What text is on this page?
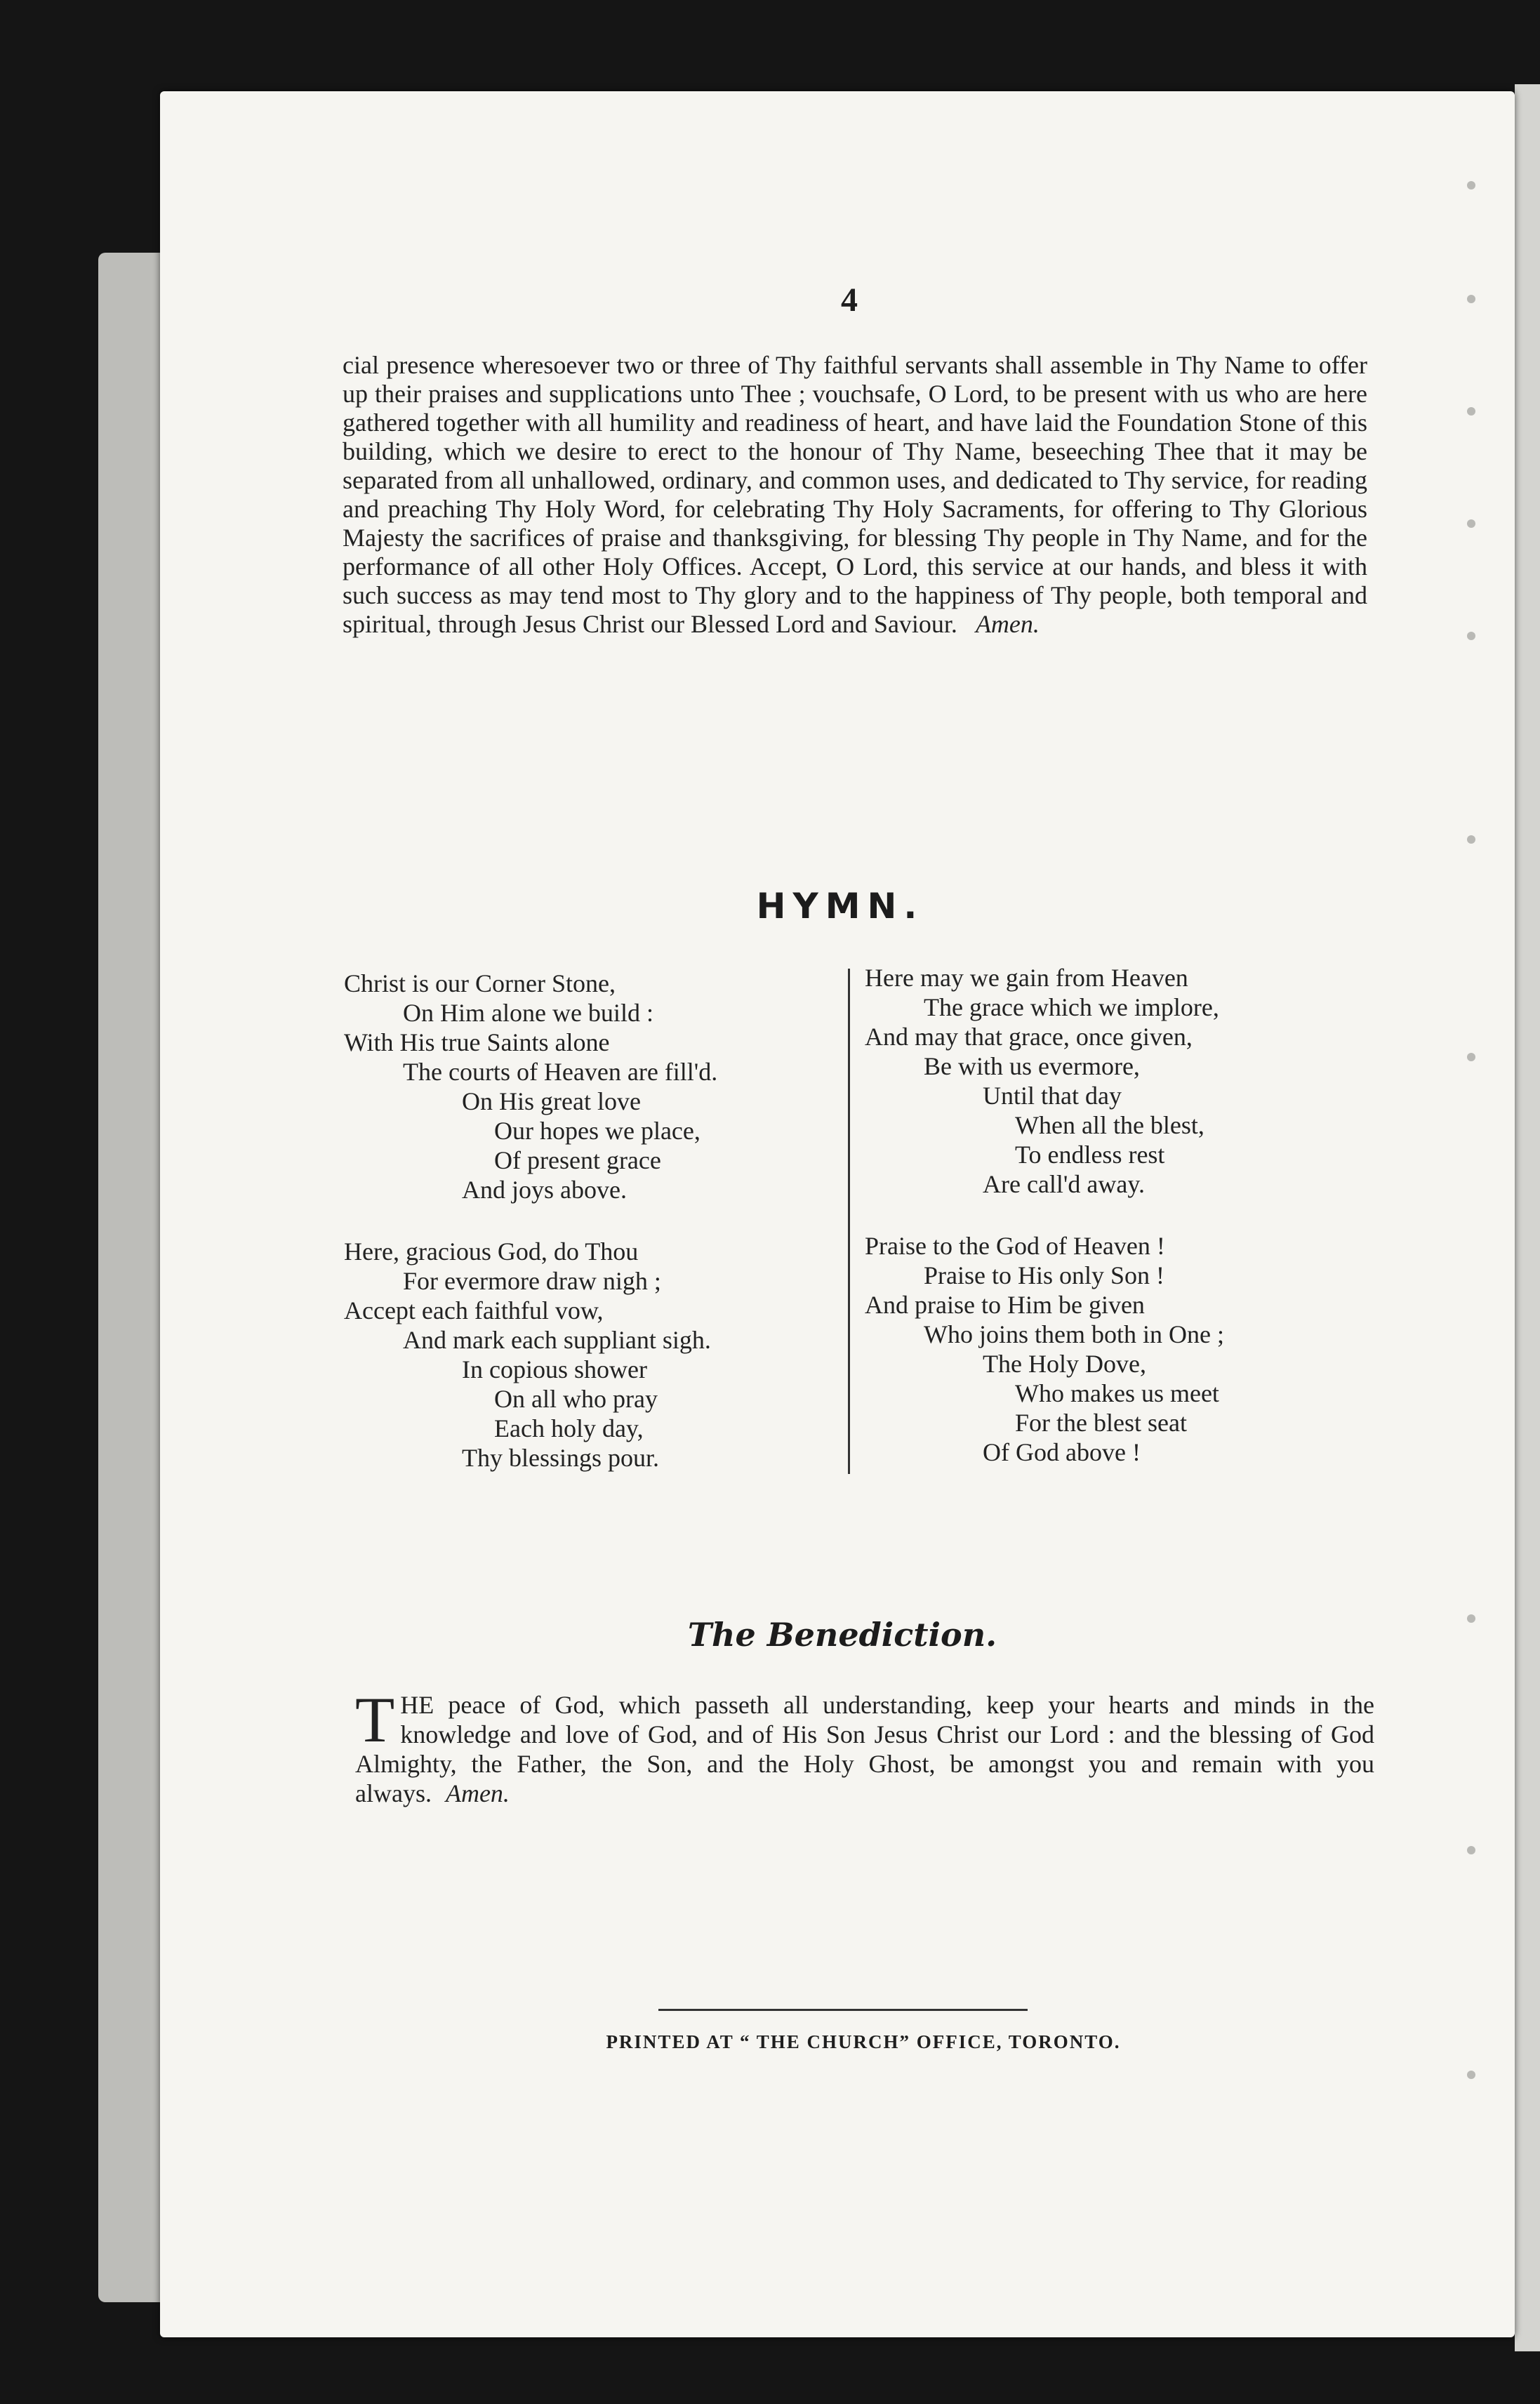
4
cial presence wheresoever two or three of Thy faithful servants shall assemble in Thy Name to offer up their praises and supplications unto Thee ; vouchsafe, O Lord, to be present with us who are here gathered together with all humility and readiness of heart, and have laid the Foundation Stone of this building, which we desire to erect to the honour of Thy Name, beseeching Thee that it may be separated from all unhallowed, ordinary, and common uses, and dedicated to Thy service, for reading and preaching Thy Holy Word, for celebrating Thy Holy Sacraments, for offering to Thy Glorious Majesty the sacrifices of praise and thanksgiving, for blessing Thy people in Thy Name, and for the performance of all other Holy Offices. Accept, O Lord, this service at our hands, and bless it with such success as may tend most to Thy glory and to the happiness of Thy people, both temporal and spiritual, through Jesus Christ our Blessed Lord and Saviour. Amen.
HYMN.
Christ is our Corner Stone,
On Him alone we build :
With His true Saints alone
The courts of Heaven are fill'd.
On His great love
Our hopes we place,
Of present grace
And joys above.
Here, gracious God, do Thou
For evermore draw nigh ;
Accept each faithful vow,
And mark each suppliant sigh.
In copious shower
On all who pray
Each holy day,
Thy blessings pour.
Here may we gain from Heaven
The grace which we implore,
And may that grace, once given,
Be with us evermore,
Until that day
When all the blest,
To endless rest
Are call'd away.
Praise to the God of Heaven !
Praise to His only Son !
And praise to Him be given
Who joins them both in One ;
The Holy Dove,
Who makes us meet
For the blest seat
Of God above !
The Benediction.
THE peace of God, which passeth all understanding, keep your hearts and minds in the knowledge and love of God, and of His Son Jesus Christ our Lord : and the blessing of God Almighty, the Father, the Son, and the Holy Ghost, be amongst you and remain with you always. Amen.
PRINTED AT “ THE CHURCH” OFFICE, TORONTO.
